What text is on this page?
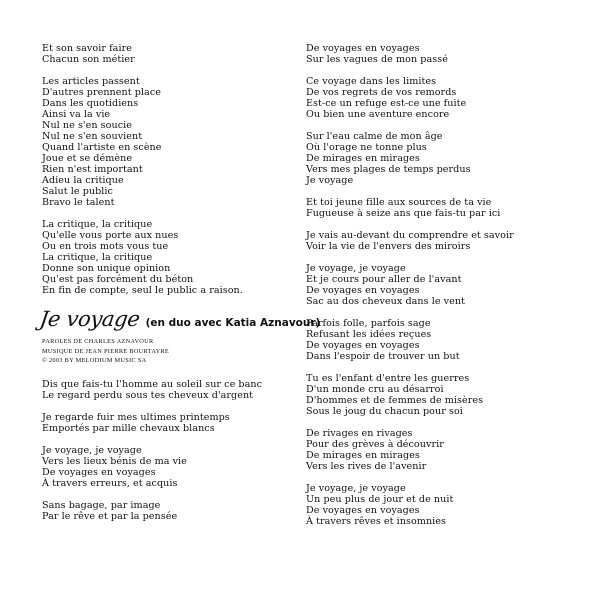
Et son savoir faire
Chacun son métier
Les articles passent
D'autres prennent place
Dans les quotidiens
Ainsi va la vie
Nul ne s'en soucie
Nul ne s'en souvient
Quand l'artiste en scène
Joue et se démène
Rien n'est important
Adieu la critique
Salut le public
Bravo le talent
La critique, la critique
Qu'elle vous porte aux nues
Ou en trois mots vous tue
La critique, la critique
Donne son unique opinion
Qu'est pas forcément du béton
En fin de compte, seul le public a raison.
Je voyage (en duo avec Katia Aznavour)
PAROLES DE CHARLES AZNAVOUR
MUSIQUE DE JEAN PIERRE BOURTAYRE
© 2003 BY MELODIUM MUSIC SA
Dis que fais-tu l'homme au soleil sur ce banc
Le regard perdu sous tes cheveux d'argent
Je regarde fuir mes ultimes printemps
Emportés par mille chevaux blancs
Je voyage, je voyage
Vers les lieux bénis de ma vie
De voyages en voyages
À travers erreurs, et acquis
Sans bagage, par image
Par le rêve et par la pensée
De voyages en voyages
Sur les vagues de mon passé
Ce voyage dans les limites
De vos regrets de vos remords
Est-ce un refuge est-ce une fuite
Ou bien une aventure encore
Sur l'eau calme de mon âge
Où l'orage ne tonne plus
De mirages en mirages
Vers mes plages de temps perdus
Je voyage
Et toi jeune fille aux sources de ta vie
Fugueuse à seize ans que fais-tu par ici
Je vais au-devant du comprendre et savoir
Voir la vie de l'envers des miroirs
Je voyage, je voyage
Et je cours pour aller de l'avant
De voyages en voyages
Sac au dos cheveux dans le vent
Parfois folle, parfois sage
Refusant les idées reçues
De voyages en voyages
Dans l'espoir de trouver un but
Tu es l'enfant d'entre les guerres
D'un monde cru au désarroi
D'hommes et de femmes de misères
Sous le joug du chacun pour soi
De rivages en rivages
Pour des grèves à découvrir
De mirages en mirages
Vers les rives de l'avenir
Je voyage, je voyage
Un peu plus de jour et de nuit
De voyages en voyages
À travers rêves et insomnies
